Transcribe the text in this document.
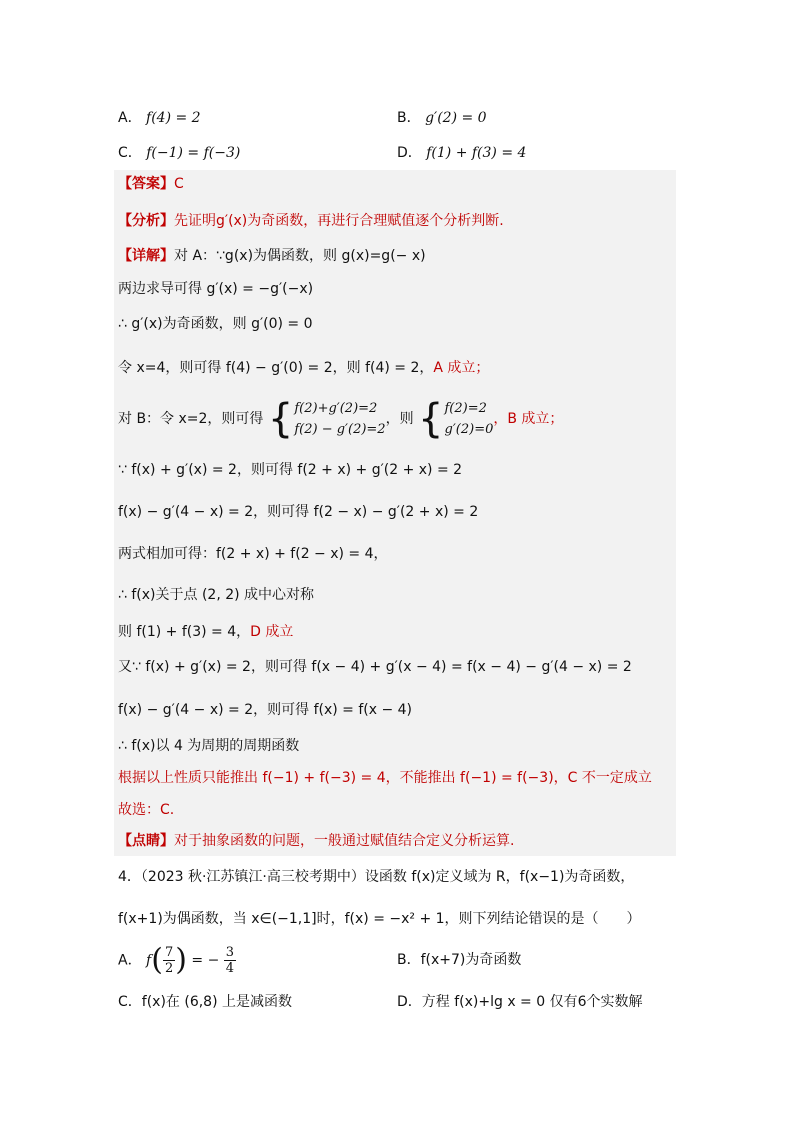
A． f(4) = 2	B． g′(2) = 0
C． f(−1) = f(−3)	D． f(1) + f(3) = 4
【答案】C
【分析】先证明g′(x)为奇函数，再进行合理赋值逐个分析判断.
【详解】对 A：∵g(x)为偶函数，则 g(x)=g(− x)
两边求导可得 g′(x) = −g′(−x)
∴ g′(x)为奇函数，则 g′(0) = 0
令 x=4，则可得 f(4) − g′(0) = 2，则 f(4) = 2，A 成立；
对 B：令 x=2，则可得 { f(2)+g′(2)=2
f(2) − g′(2)=2
，则 { f(2)=2
g′(2)=0
，B 成立；
∵ f(x) + g′(x) = 2，则可得 f(2 + x) + g′(2 + x) = 2
f(x) − g′(4 − x) = 2，则可得 f(2 − x) − g′(2 + x) = 2
两式相加可得：f(2 + x) + f(2 − x) = 4，
∴ f(x)关于点 (2, 2) 成中心对称
则 f(1) + f(3) = 4，D 成立
又∵ f(x) + g′(x) = 2，则可得 f(x − 4) + g′(x − 4) = f(x − 4) − g′(4 − x) = 2
f(x) − g′(4 − x) = 2，则可得 f(x) = f(x − 4)
∴ f(x)以 4 为周期的周期函数
根据以上性质只能推出 f(−1) + f(−3) = 4，不能推出 f(−1) = f(−3)，C 不一定成立
故选：C.
【点睛】对于抽象函数的问题，一般通过赋值结合定义分析运算.
4．（2023 秋·江苏镇江·高三校考期中）设函数 f(x)定义域为 R，f(x−1)为奇函数，
f(x+1)为偶函数，当 x∈(−1,1]时，f(x) = −x² + 1，则下列结论错误的是（　　）
A． $f( \frac{7}{2}$ ) = − $\frac{3}{4}$	B．f(x+7)为奇函数
C．f(x)在 (6,8) 上是减函数	D．方程 f(x)+lg x = 0 仅有6个实数解
